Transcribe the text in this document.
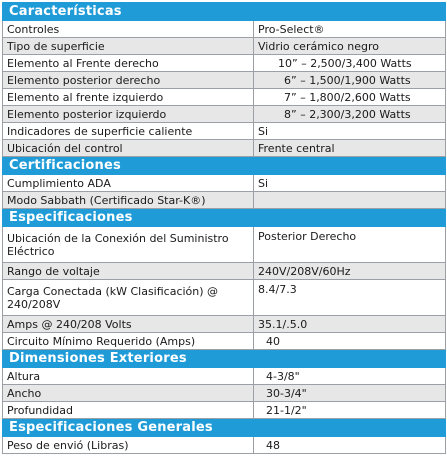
Características	
Controles	Pro-Select®
Tipo de superficie	Vidrio cerámico negro
Elemento al Frente derecho	10” – 2,500/3,400 Watts
Elemento posterior derecho	6” – 1,500/1,900 Watts
Elemento al frente izquierdo	7” – 1,800/2,600 Watts
Elemento posterior izquierdo	8” – 2,300/3,200 Watts
Indicadores de superficie caliente	Si
Ubicación del control	Frente central
Certificaciones	
Cumplimiento ADA	Si
Modo Sabbath (Certificado Star-K®)	
Especificaciones	
Ubicación de la Conexión del Suministro Eléctrico	Posterior Derecho
Rango de voltaje	240V/208V/60Hz
Carga Conectada (kW Clasificación) @ 240/208V	8.4/7.3
Amps @ 240/208 Volts	35.1/.5.0
Circuito Mínimo Requerido (Amps)	40
Dimensiones Exteriores	
Altura	4-3/8"
Ancho	30-3/4"
Profundidad	21-1/2"
Especificaciones Generales	
Peso de envió (Libras)	48
